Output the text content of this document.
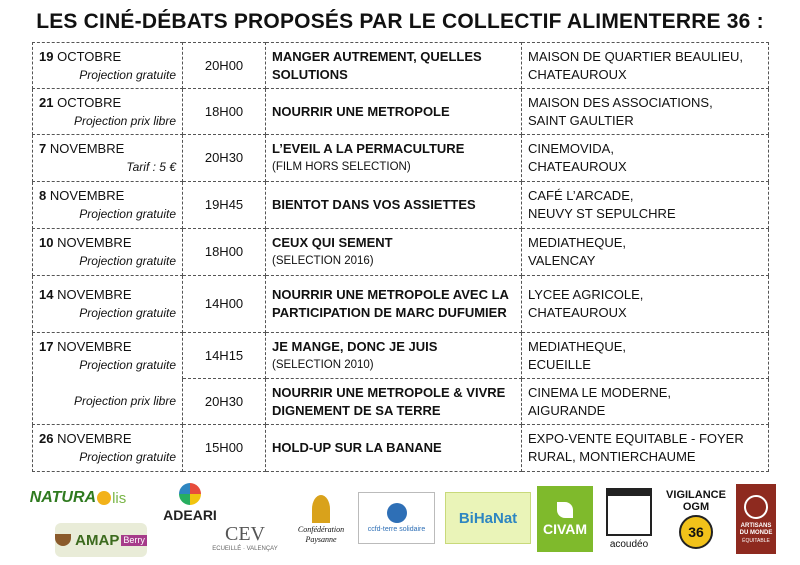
LES CINÉ-DÉBATS PROPOSÉS PAR LE COLLECTIF ALIMENTERRE 36 :
19 OCTOBRE
Projection gratuite	20H00	MANGER AUTREMENT, QUELLES SOLUTIONS	MAISON DE QUARTIER BEAULIEU,
CHATEAUROUX
21 OCTOBRE
Projection prix libre	18H00	NOURRIR UNE METROPOLE	MAISON DES ASSOCIATIONS,
SAINT GAULTIER
7 NOVEMBRE
Tarif : 5 €	20H30	L’EVEIL A LA PERMACULTURE
(FILM HORS SELECTION)	CINEMOVIDA,
CHATEAUROUX
8 NOVEMBRE
Projection gratuite	19H45	BIENTOT DANS VOS ASSIETTES	CAFÉ L’ARCADE,
NEUVY ST SEPULCHRE
10 NOVEMBRE
Projection gratuite	18H00	CEUX QUI SEMENT
(SELECTION 2016)	MEDIATHEQUE,
VALENCAY
14 NOVEMBRE
Projection gratuite	14H00	NOURRIR UNE METROPOLE AVEC LA PARTICIPATION DE MARC DUFUMIER	LYCEE AGRICOLE,
CHATEAUROUX
17 NOVEMBRE
Projection gratuite	14H15	JE MANGE, DONC JE JUIS
(SELECTION 2010)	MEDIATHEQUE,
ECUEILLE

Projection prix libre	20H30	NOURRIR UNE METROPOLE & VIVRE DIGNEMENT DE SA TERRE	CINEMA LE MODERNE,
AIGURANDE
26 NOVEMBRE
Projection gratuite	15H00	HOLD-UP SUR LA BANANE	EXPO-VENTE EQUITABLE - FOYER
RURAL, MONTIERCHAUME
NATURA lis
AMAP Berry
ADEARI
CEV
ECUEILLÉ · VALENÇAY
Confédération
Paysanne
ccfd-terre solidaire
BiHaNat
CIVAM
acoudéo
VIGILANCE
OGM
36	ARTISANS
DU MONDE
ÉQUITABLE
